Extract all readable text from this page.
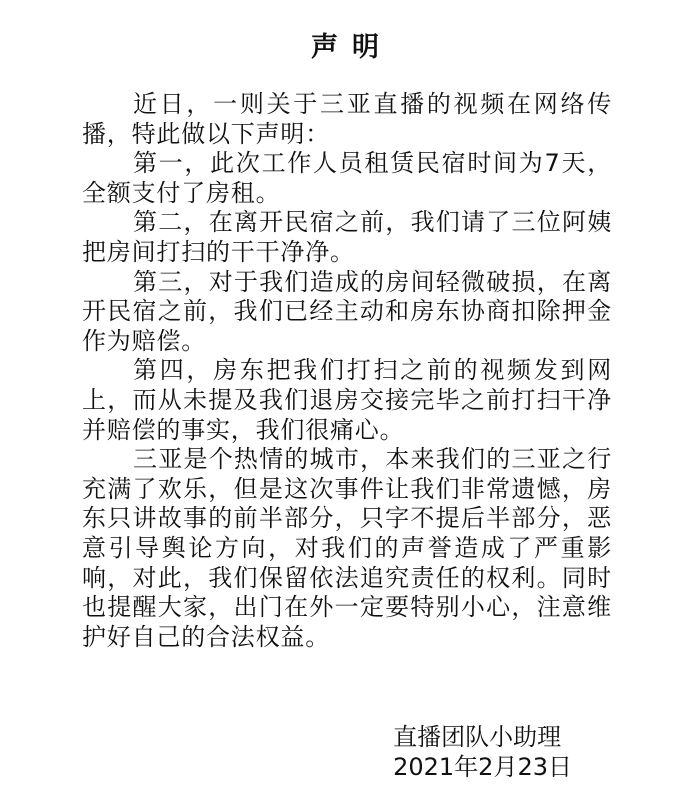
声明

近日，一则关于三亚直播的视频在网络传播，特此做以下声明：

第一，此次工作人员租赁民宿时间为7天，全额支付了房租。

第二，在离开民宿之前，我们请了三位阿姨把房间打扫的干干净净。

第三，对于我们造成的房间轻微破损，在离开民宿之前，我们已经主动和房东协商扣除押金作为赔偿。

第四，房东把我们打扫之前的视频发到网上，而从未提及我们退房交接完毕之前打扫干净并赔偿的事实，我们很痛心。

三亚是个热情的城市，本来我们的三亚之行充满了欢乐，但是这次事件让我们非常遗憾，房东只讲故事的前半部分，只字不提后半部分，恶意引导舆论方向，对我们的声誉造成了严重影响，对此，我们保留依法追究责任的权利。同时也提醒大家，出门在外一定要特别小心，注意维护好自己的合法权益。

直播团队小助理
2021年2月23日
